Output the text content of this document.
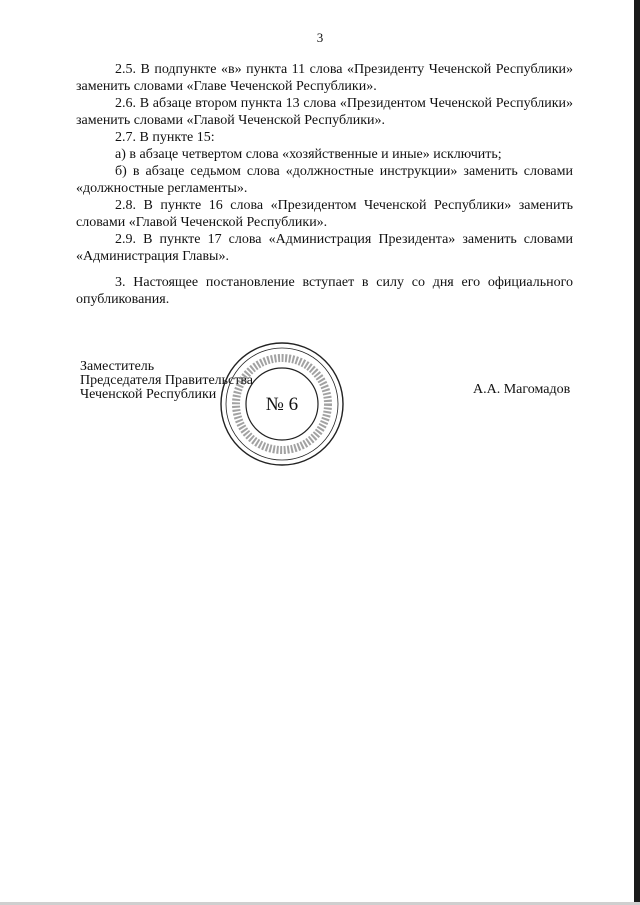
3

2.5. В подпункте «в» пункта 11 слова «Президенту Чеченской Республики» заменить словами «Главе Чеченской Республики».

2.6. В абзаце втором пункта 13 слова «Президентом Чеченской Республики» заменить словами «Главой Чеченской Республики».

2.7. В пункте 15:

а) в абзаце четвертом слова «хозяйственные и иные» исключить;

б) в абзаце седьмом слова «должностные инструкции» заменить словами «должностные регламенты».

2.8. В пункте 16 слова «Президентом Чеченской Республики» заменить словами «Главой Чеченской Республики».

2.9. В пункте 17 слова «Администрация Президента» заменить словами «Администрация Главы».

3. Настоящее постановление вступает в силу со дня его официального опубликования.

Заместитель
Председателя Правительства
Чеченской Республики	А.А. Магомадов
№ 6
